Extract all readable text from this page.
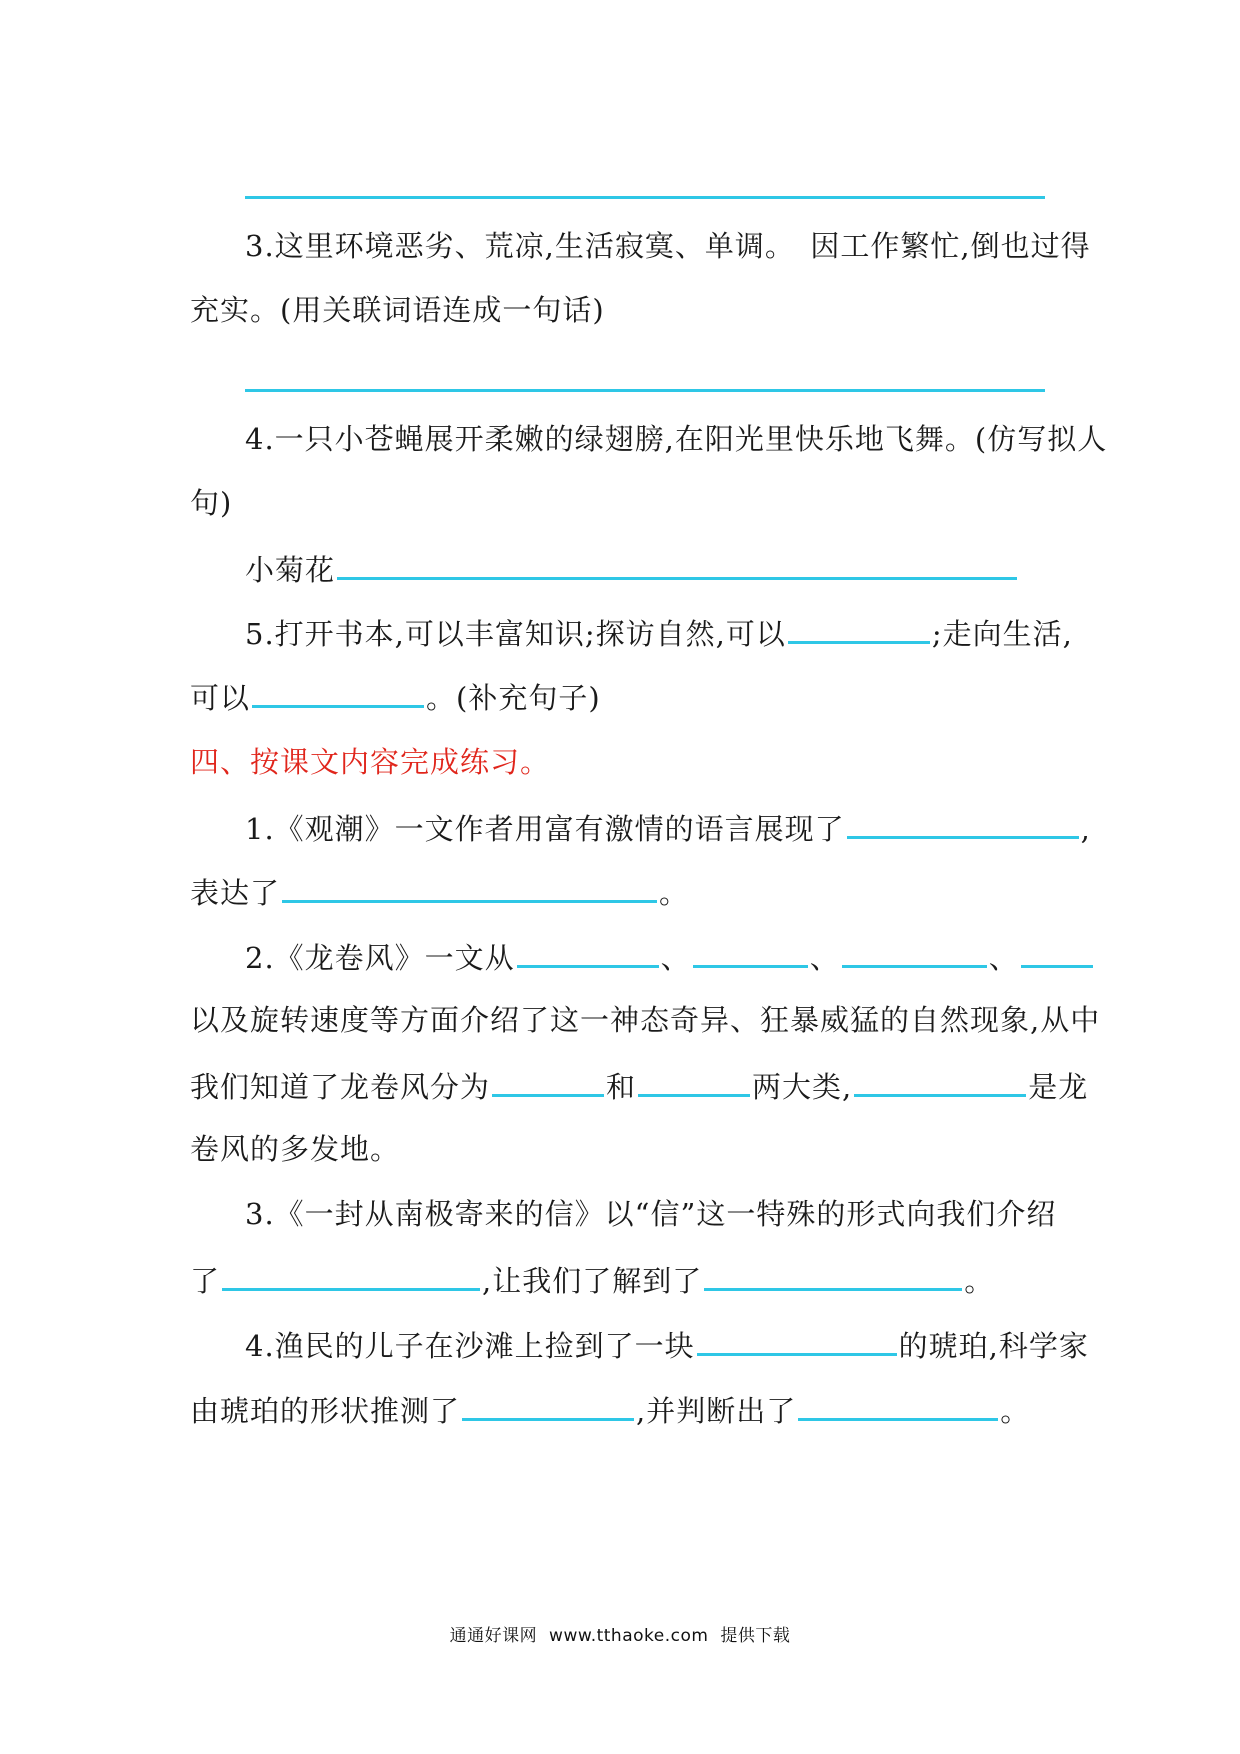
3.这里环境恶劣、荒凉,生活寂寞、单调。　因工作繁忙,倒也过得
充实。(用关联词语连成一句话)
4.一只小苍蝇展开柔嫩的绿翅膀,在阳光里快乐地飞舞。(仿写拟人
句)
小菊花
5.打开书本,可以丰富知识;探访自然,可以	;走向生活,
可以	。(补充句子)
四、按课文内容完成练习。
1.《观潮》一文作者用富有激情的语言展现了	,
表达了	。
2.《龙卷风》一文从	、	、	、
以及旋转速度等方面介绍了这一神态奇异、狂暴威猛的自然现象,从中
我们知道了龙卷风分为	和	两大类,	是龙
卷风的多发地。
3.《一封从南极寄来的信》以“信”这一特殊的形式向我们介绍
了	,让我们了解到了	。
4.渔民的儿子在沙滩上捡到了一块	的琥珀,科学家
由琥珀的形状推测了	,并判断出了	。
通通好课网 www.tthaoke.com 提供下载
